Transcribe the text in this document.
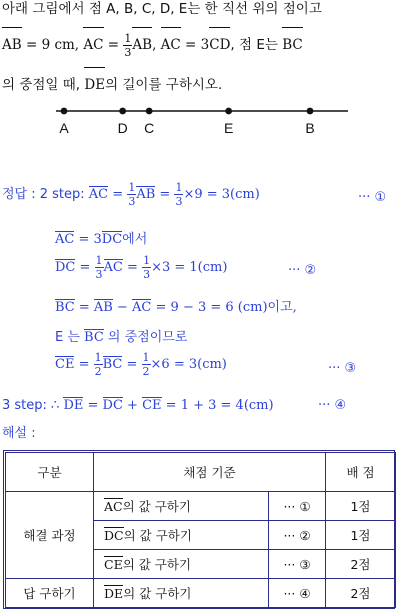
아래 그림에서 점 A, B, C, D, E는 한 직선 위의 점이고
AB = 9 cm, AC = $\frac{1}{3}$ AB, AC = 3CD, 점 E는 BC
의 중점일 때, DE의 길이를 구하시오.
A	D C	E	B
정답 : 2 step: AC = $\frac{1}{3}$ AB = $\frac{1}{3} \times 9 = 3(cm)$	··· ①
AC = 3DC에서
DC = $\frac{1}{3}$ AC = $\frac{1}{3} \times 3 = 1(cm)$	··· ②
BC = AB − AC = 9 − 3 = 6 (cm)이고,
E 는 BC 의 중점이므로
CE = $\frac{1}{2}$ BC = $\frac{1}{2} \times 6 = 3(cm)$	··· ③
3 step: ∴ DE = DC + CE = 1 + 3 = 4(cm)	··· ④
해설 :
구분	채점 기준		배 점
해결 과정	AC의 값 구하기	··· ①	1점
	DC의 값 구하기	··· ②	1점
	CE의 값 구하기	··· ③	2점
답 구하기	DE의 값 구하기	··· ④	2점
